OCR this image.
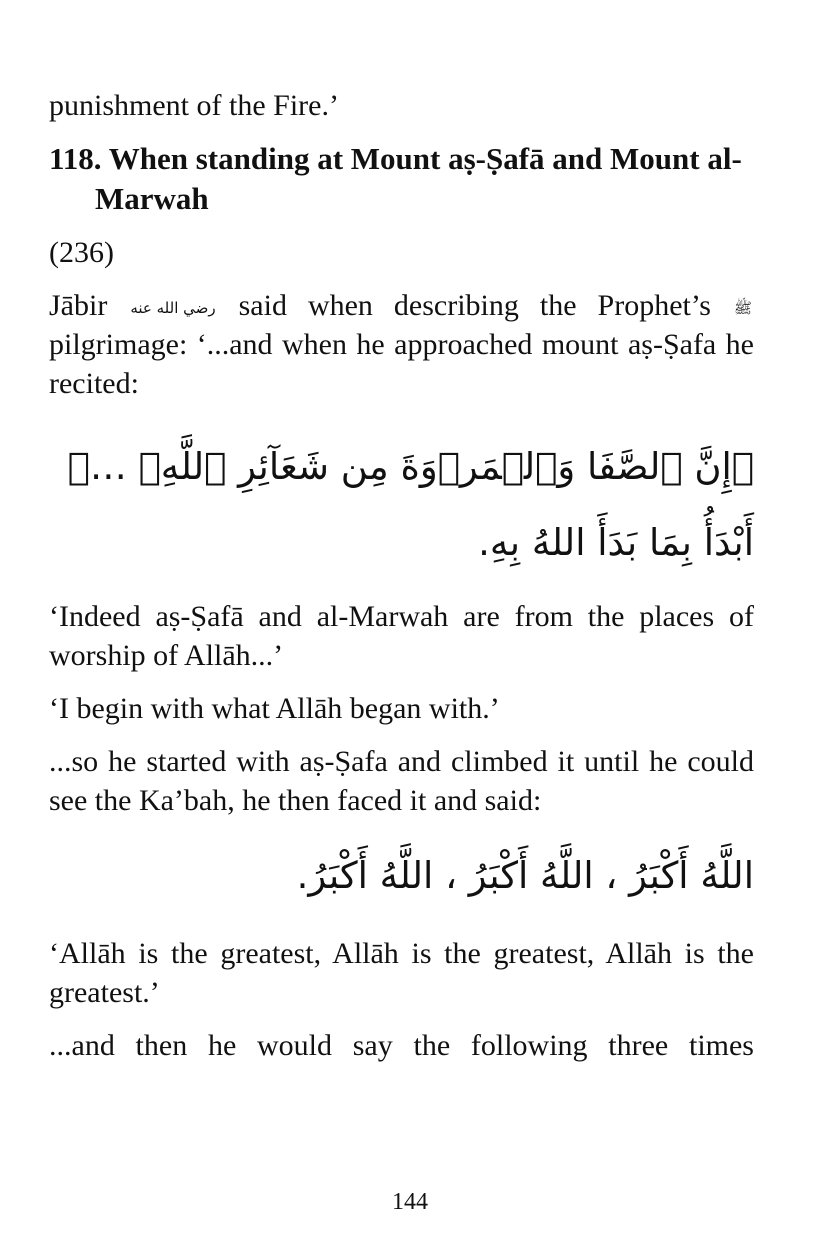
punishment of the Fire.’

118. When standing at Mount aṣ-Ṣafā and Mount al-Marwah

(236)

Jābir رضي الله عنه said when describing the Prophet’s ﷺ pilgrimage: ‘...and when he approached mount aṣ-Ṣafa he recited:

﴿إِنَّ ٱلصَّفَا وَٱلۡمَرۡوَةَ مِن شَعَآئِرِ ٱللَّهِۖ …﴾

أَبْدَأُ بِمَا بَدَأَ اللهُ بِهِ.

‘Indeed aṣ-Ṣafā and al-Marwah are from the places of worship of Allāh...’

‘I begin with what Allāh began with.’

...so he started with aṣ-Ṣafa and climbed it until he could see the Ka’bah, he then faced it and said:

اللَّهُ أَكْبَرُ ، اللَّهُ أَكْبَرُ ، اللَّهُ أَكْبَرُ.

‘Allāh is the greatest, Allāh is the greatest, Allāh is the greatest.’

...and then he would say the following three times

144
